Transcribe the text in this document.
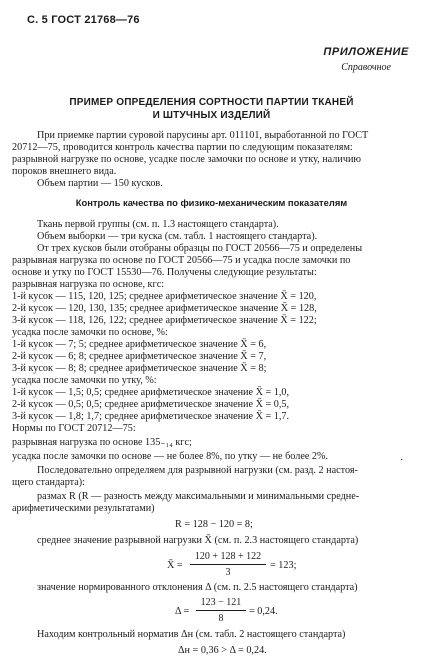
С. 5 ГОСТ 21768—76
ПРИЛОЖЕНИЕ
Справочное
ПРИМЕР ОПРЕДЕЛЕНИЯ СОРТНОСТИ ПАРТИИ ТКАНЕЙ
И ШТУЧНЫХ ИЗДЕЛИЙ
При приемке партии суровой парусины арт. 011101, выработанной по ГОСТ
20712—75, проводится контроль качества партии по следующим показателям:
разрывной нагрузке по основе, усадке после замочки по основе и утку, наличию
пороков внешнего вида.
Объем партии — 150 кусков.
Контроль качества по физико-механическим показателям
Ткань первой группы (см. п. 1.3 настоящего стандарта).
Объем выборки — три куска (см. табл. 1 настоящего стандарта).
От трех кусков были отобраны образцы по ГОСТ 20566—75 и определены
разрывная нагрузка по основе по ГОСТ 20566—75 и усадка после замочки по
основе и утку по ГОСТ 15530—76. Получены следующие результаты:
разрывная нагрузка по основе, кгс:
1-й кусок — 115, 120, 125; среднее арифметическое значение X̄ = 120,
2-й кусок — 120, 130, 135; среднее арифметическое значение X̄ = 128,
3-й кусок — 118, 126, 122; среднее арифметическое значение X̄ = 122;
усадка после замочки по основе, %:
1-й кусок — 7; 5; среднее арифметическое значение X̄ = 6,
2-й кусок — 6; 8; среднее арифметическое значение X̄ = 7,
3-й кусок — 8; 8; среднее арифметическое значение X̄ = 8;
усадка после замочки по утку, %:
1-й кусок — 1,5; 0,5; среднее арифметическое значение X̄ = 1,0,
2-й кусок — 0,5; 0,5; среднее арифметическое значение X̄ = 0,5,
3-й кусок — 1,8; 1,7; среднее арифметическое значение X̄ = 1,7.
Нормы по ГОСТ 20712—75:
разрывная нагрузка по основе 135₋₁₄ кгс;
усадка после замочки по основе — не более 8%, по утку — не более 2%.	⋅
Последовательно определяем для разрывной нагрузки (см. разд. 2 настоя-
щего стандарта):
размах R (R — разность между максимальными и минимальными средне-
арифметическими результатами)
R = 128 − 120 = 8;
среднее значение разрывной нагрузки X̄̄ (см. п. 2.3 настоящего стандарта)
X̄̄ =
120 + 128 + 122
3
= 123;
значение нормированного отклонения Δ (см. п. 2.5 настоящего стандарта)
Δ =
123 − 121
8
= 0,24.
Находим контрольный норматив Δн (см. табл. 2 настоящего стандарта)
Δн = 0,36 > Δ = 0,24.
